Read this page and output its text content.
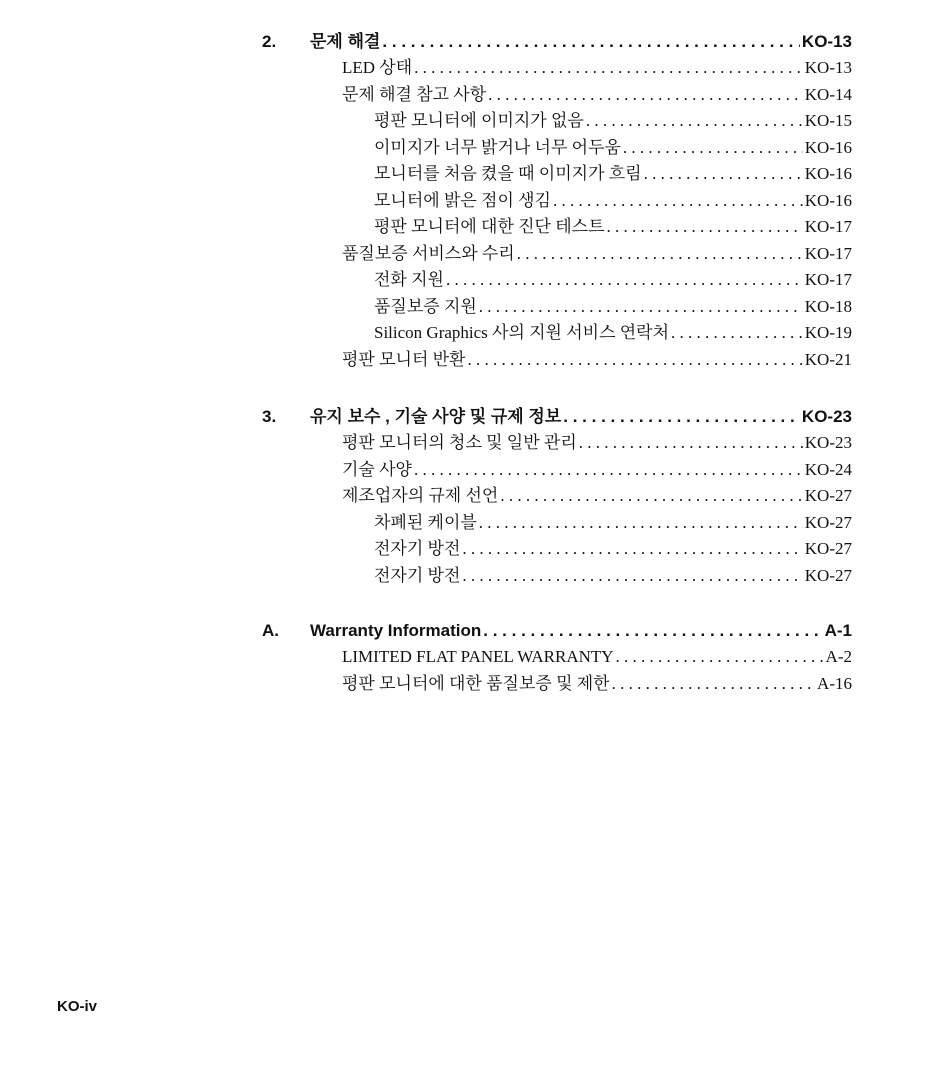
2. 문제 해결 . . .	KO-13
LED 상태 . . .	KO-13
문제 해결 참고 사항 . . .	KO-14
평판 모니터에 이미지가 없음 . . .	KO-15
이미지가 너무 밝거나 너무 어두움 . . .	KO-16
모니터를 처음 켰을 때 이미지가 흐림 . . .	KO-16
모니터에 밝은 점이 생김 . . .	KO-16
평판 모니터에 대한 진단 테스트 . . .	KO-17
품질보증 서비스와 수리 . . .	KO-17
전화 지원 . . .	KO-17
품질보증 지원 . . .	KO-18
Silicon Graphics 사의 지원 서비스 연락처 . . .	KO-19
평판 모니터 반환 . . .	KO-21
3. 유지 보수 , 기술 사양 및 규제 정보 . . .	KO-23
평판 모니터의 청소 및 일반 관리 . . .	KO-23
기술 사양 . . .	KO-24
제조업자의 규제 선언 . . .	KO-27
차폐된 케이블 . . .	KO-27
전자기 방전 . . .	KO-27
전자기 방전 . . .	KO-27
A. Warranty Information . . .	A-1
LIMITED FLAT PANEL WARRANTY . . .	A-2
평판 모니터에 대한 품질보증 및 제한 . . .	A-16
KO-iv
